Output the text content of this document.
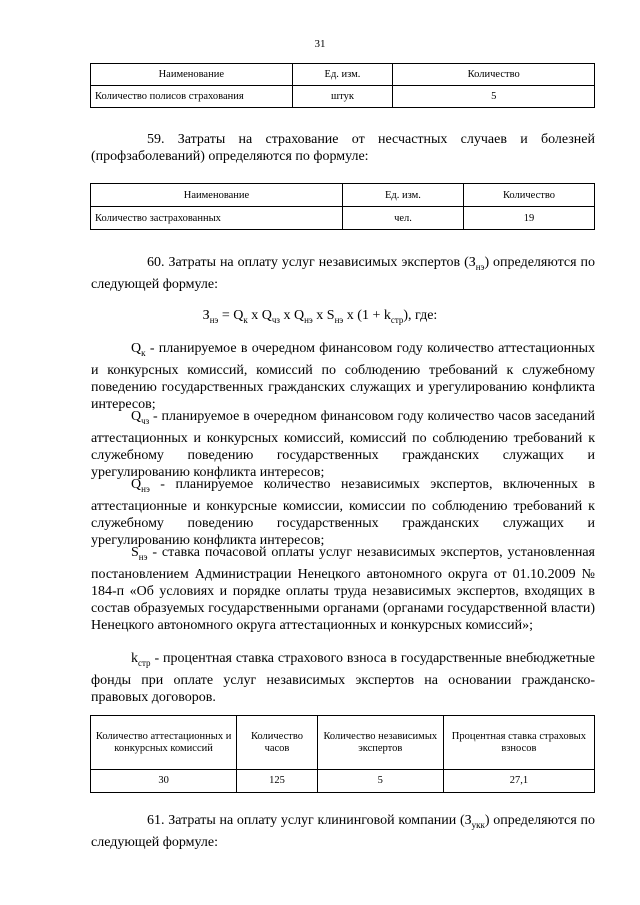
31
Наименование	Ед. изм.	Количество
Количество полисов страхования	штук	5
59. Затраты на страхование от несчастных случаев и болезней (профзаболеваний) определяются по формуле:
Наименование	Ед. изм.	Количество
Количество застрахованных	чел.	19
60. Затраты на оплату услуг независимых экспертов $(З_{нэ})$ определяются по следующей формуле:
$З_{нэ} = Q_к$ x $Q_{чз}$ x $Q_{нэ}$ x $S_{нэ}$ x $(1 + k_{стр})$, где:
$Q_к$ - планируемое в очередном финансовом году количество аттестационных и конкурсных комиссий, комиссий по соблюдению требований к служебному поведению государственных гражданских служащих и урегулированию конфликта интересов;
$Q_{чз}$ - планируемое в очередном финансовом году количество часов заседаний аттестационных и конкурсных комиссий, комиссий по соблюдению требований к служебному поведению государственных гражданских служащих и урегулированию конфликта интересов;
$Q_{нэ}$ - планируемое количество независимых экспертов, включенных в аттестационные и конкурсные комиссии, комиссии по соблюдению требований к служебному поведению государственных гражданских служащих и урегулированию конфликта интересов;
$S_{нэ}$ - ставка почасовой оплаты услуг независимых экспертов, установленная постановлением Администрации Ненецкого автономного округа от 01.10.2009 № 184-п «Об условиях и порядке оплаты труда независимых экспертов, входящих в состав образуемых государственными органами (органами государственной власти) Ненецкого автономного округа аттестационных и конкурсных комиссий»;
$k_{стр}$ - процентная ставка страхового взноса в государственные внебюджетные фонды при оплате услуг независимых экспертов на основании гражданско-правовых договоров.
Количество аттестационных и конкурсных комиссий	Количество часов	Количество независимых экспертов	Процентная ставка страховых взносов
30	125	5	27,1
61. Затраты на оплату услуг клининговой компании $(З_{укк})$ определяются по следующей формуле:
